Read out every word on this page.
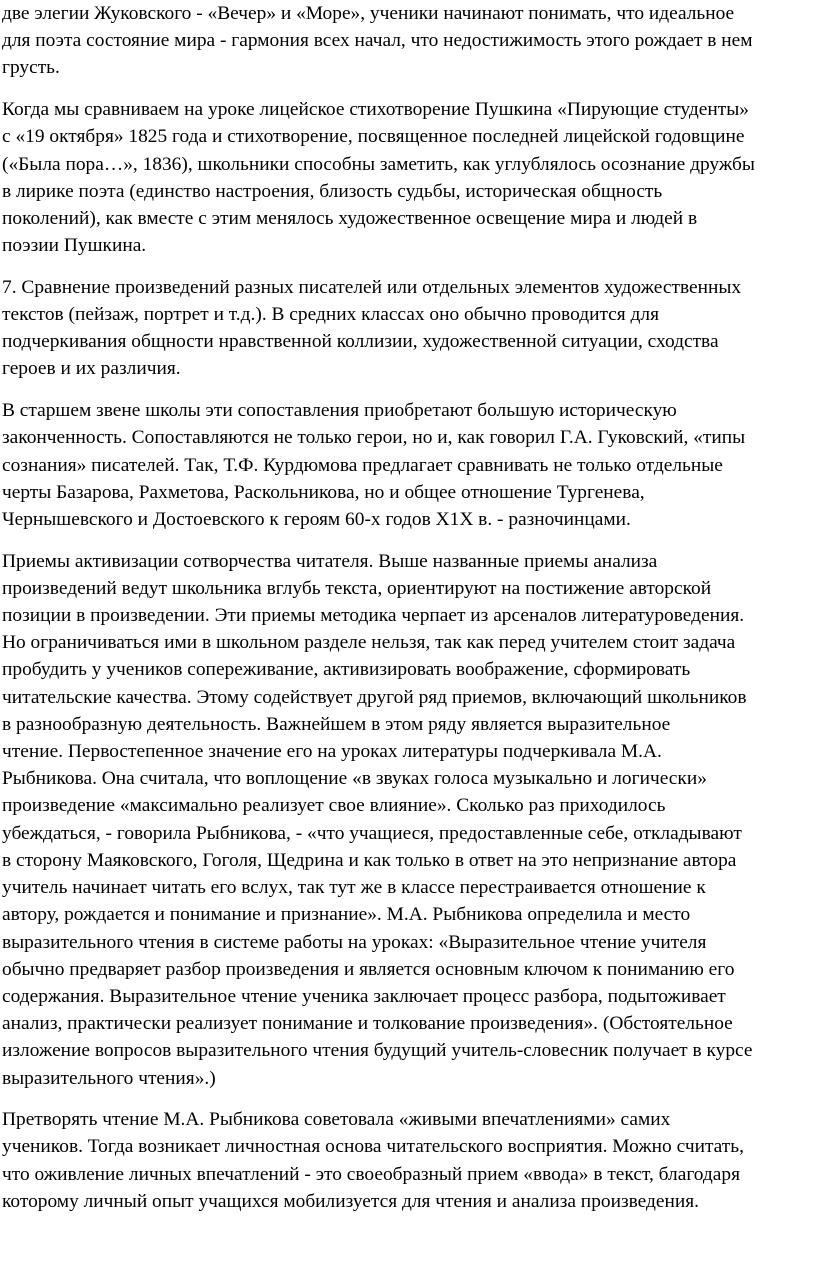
две элегии Жуковского - «Вечер» и «Море», ученики начинают понимать, что идеальное
для поэта состояние мира - гармония всех начал, что недостижимость этого рождает в нем
грусть.

Когда мы сравниваем на уроке лицейское стихотворение Пушкина «Пирующие студенты»
с «19 октября» 1825 года и стихотворение, посвященное последней лицейской годовщине
(«Была пора…», 1836), школьники способны заметить, как углублялось осознание дружбы
в лирике поэта (единство настроения, близость судьбы, историческая общность
поколений), как вместе с этим менялось художественное освещение мира и людей в
поэзии Пушкина.

7. Сравнение произведений разных писателей или отдельных элементов художественных
текстов (пейзаж, портрет и т.д.). В средних классах оно обычно проводится для
подчеркивания общности нравственной коллизии, художественной ситуации, сходства
героев и их различия.

В старшем звене школы эти сопоставления приобретают большую историческую
законченность. Сопоставляются не только герои, но и, как говорил Г.А. Гуковский, «типы
сознания» писателей. Так, Т.Ф. Курдюмова предлагает сравнивать не только отдельные
черты Базарова, Рахметова, Раскольникова, но и общее отношение Тургенева,
Чернышевского и Достоевского к героям 60-х годов Х1Х в. - разночинцами.

Приемы активизации сотворчества читателя. Выше названные приемы анализа
произведений ведут школьника вглубь текста, ориентируют на постижение авторской
позиции в произведении. Эти приемы методика черпает из арсеналов литературоведения.
Но ограничиваться ими в школьном разделе нельзя, так как перед учителем стоит задача
пробудить у учеников сопереживание, активизировать воображение, сформировать
читательские качества. Этому содействует другой ряд приемов, включающий школьников
в разнообразную деятельность. Важнейшем в этом ряду является выразительное
чтение. Первостепенное значение его на уроках литературы подчеркивала М.А.
Рыбникова. Она считала, что воплощение «в звуках голоса музыкально и логически»
произведение «максимально реализует свое влияние». Сколько раз приходилось
убеждаться, - говорила Рыбникова, - «что учащиеся, предоставленные себе, откладывают
в сторону Маяковского, Гоголя, Щедрина и как только в ответ на это непризнание автора
учитель начинает читать его вслух, так тут же в классе перестраивается отношение к
автору, рождается и понимание и признание». М.А. Рыбникова определила и место
выразительного чтения в системе работы на уроках: «Выразительное чтение учителя
обычно предваряет разбор произведения и является основным ключом к пониманию его
содержания. Выразительное чтение ученика заключает процесс разбора, подытоживает
анализ, практически реализует понимание и толкование произведения». (Обстоятельное
изложение вопросов выразительного чтения будущий учитель-словесник получает в курсе
выразительного чтения».)

Претворять чтение М.А. Рыбникова советовала «живыми впечатлениями» самих
учеников. Тогда возникает личностная основа читательского восприятия. Можно считать,
что оживление личных впечатлений - это своеобразный прием «ввода» в текст, благодаря
которому личный опыт учащихся мобилизуется для чтения и анализа произведения.
